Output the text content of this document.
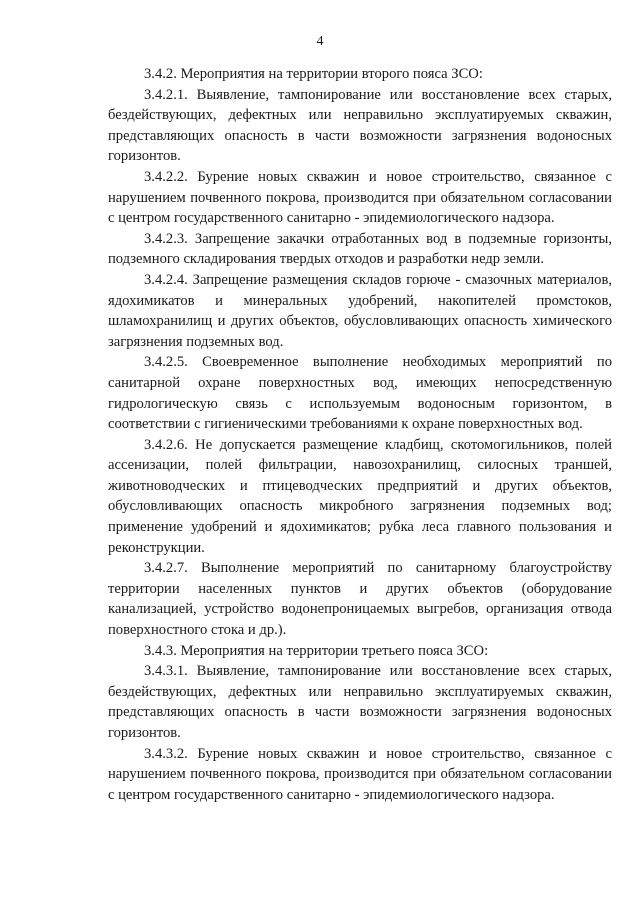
4

3.4.2. Мероприятия на территории второго пояса ЗСО:

3.4.2.1. Выявление, тампонирование или восстановление всех старых, бездействующих, дефектных или неправильно эксплуатируемых скважин, представляющих опасность в части возможности загрязнения водоносных горизонтов.

3.4.2.2. Бурение новых скважин и новое строительство, связанное с нарушением почвенного покрова, производится при обязательном согласовании с центром государственного санитарно - эпидемиологического надзора.

3.4.2.3. Запрещение закачки отработанных вод в подземные горизонты, подземного складирования твердых отходов и разработки недр земли.

3.4.2.4. Запрещение размещения складов горюче - смазочных материалов, ядохимикатов и минеральных удобрений, накопителей промстоков, шламохранилищ и других объектов, обусловливающих опасность химического загрязнения подземных вод.

3.4.2.5. Своевременное выполнение необходимых мероприятий по санитарной охране поверхностных вод, имеющих непосредственную гидрологическую связь с используемым водоносным горизонтом, в соответствии с гигиеническими требованиями к охране поверхностных вод.

3.4.2.6. Не допускается размещение кладбищ, скотомогильников, полей ассенизации, полей фильтрации, навозохранилищ, силосных траншей, животноводческих и птицеводческих предприятий и других объектов, обусловливающих опасность микробного загрязнения подземных вод; применение удобрений и ядохимикатов; рубка леса главного пользования и реконструкции.

3.4.2.7. Выполнение мероприятий по санитарному благоустройству территории населенных пунктов и других объектов (оборудование канализацией, устройство водонепроницаемых выгребов, организация отвода поверхностного стока и др.).

3.4.3. Мероприятия на территории третьего пояса ЗСО:

3.4.3.1. Выявление, тампонирование или восстановление всех старых, бездействующих, дефектных или неправильно эксплуатируемых скважин, представляющих опасность в части возможности загрязнения водоносных горизонтов.

3.4.3.2. Бурение новых скважин и новое строительство, связанное с нарушением почвенного покрова, производится при обязательном согласовании с центром государственного санитарно - эпидемиологического надзора.
